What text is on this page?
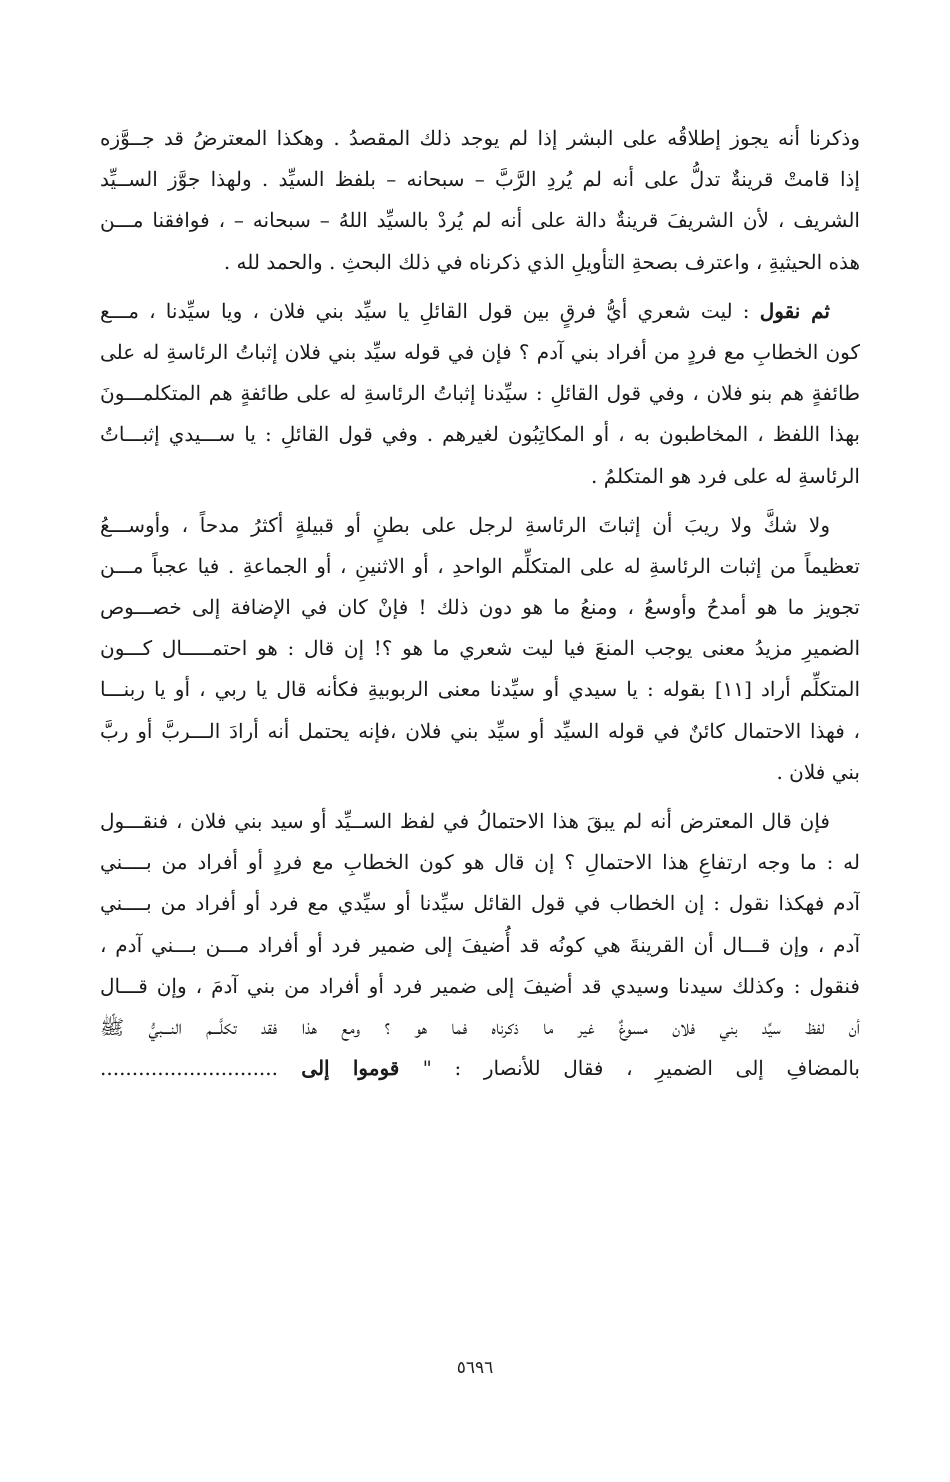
وذكرنا أنه يجوز إطلاقُه على البشر إذا لم يوجد ذلك المقصدُ . وهكذا المعترضُ قد جــوَّزه
إذا قامتْ قرينةٌ تدلُّ على أنه لم يُردِ الرَّبَّ – سبحانه – بلفظ السيِّد . ولهذا جوَّز الســيِّد
الشريف ، لأن الشريفَ قرينةٌ دالة على أنه لم يُردْ بالسيِّد اللهُ – سبحانه – ، فوافقنا مـــن
هذه الحيثيةِ ، واعترف بصحةِ التأويلِ الذي ذكرناه في ذلك البحثِ . والحمد لله .
ثم نقول : ليت شعري أيُّ فرقٍ بين قول القائلِ يا سيِّد بني فلان ، ويا سيِّدنا ، مـــع
كون الخطابِ مع فردٍ من أفراد بني آدم ؟ فإن في قوله سيِّد بني فلان إثباتُ الرئاسةِ له على
طائفةٍ هم بنو فلان ، وفي قول القائلِ : سيِّدنا إثباتُ الرئاسةِ له على طائفةٍ هم المتكلمـــونَ
بهذا اللفظ ، المخاطبون به ، أو المكاتِبُون لغيرهم . وفي قول القائلِ : يا ســـيدي إثبـــاتُ
الرئاسةِ له على فرد هو المتكلمُ .
ولا شكَّ ولا ريبَ أن إثباتَ الرئاسةِ لرجل على بطنٍ أو قبيلةٍ أكثرُ مدحاً ، وأوســـعُ
تعظيماً من إثبات الرئاسةِ له على المتكلِّم الواحدِ ، أو الاثنينِ ، أو الجماعةِ . فيا عجباً مـــن
تجويز ما هو أمدحُ وأوسعُ ، ومنعُ ما هو دون ذلك ! فإنْ كان في الإضافة إلى خصـــوص
الضميرِ مزيدُ معنى يوجب المنعَ فيا ليت شعري ما هو ؟! إن قال : هو احتمـــــال كـــون
المتكلِّم أراد [١١] بقوله : يا سيدي أو سيِّدنا معنى الربوبيةِ فكأنه قال يا ربي ، أو يا ربنـــا
، فهذا الاحتمال كائنٌ في قوله السيِّد أو سيِّد بني فلان ،فإنه يحتمل أنه أرادَ الـــربَّ أو ربَّ
بني فلان .
فإن قال المعترض أنه لم يبقَ هذا الاحتمالُ في لفظ الســيِّد أو سيد بني فلان ، فنقـــول
له : ما وجه ارتفاعِ هذا الاحتمالِ ؟ إن قال هو كون الخطابِ مع فردٍ أو أفراد من بــــني
آدم فهكذا نقول : إن الخطاب في قول القائل سيِّدنا أو سيِّدي مع فرد أو أفراد من بــــني
آدم ، وإن قـــال أن القرينةَ هي كونُه قد أُضيفَ إلى ضمير فرد أو أفراد مـــن بـــني آدم ،
فنقول : وكذلك سيدنا وسيدي قد أضيفَ إلى ضمير فرد أو أفراد من بني آدمَ ، وإن قـــال
أن لفظ سيِّد بني فلان مسوغٌ غير ما ذكرناه فما هو ؟ ومع هذا فقد تكلَّـــم النـــبيُّ ﷺ
بالمضافِ إلى الضميرِ ، فقال للأنصار : " قوموا إلى ............................
٥٦٩٦
